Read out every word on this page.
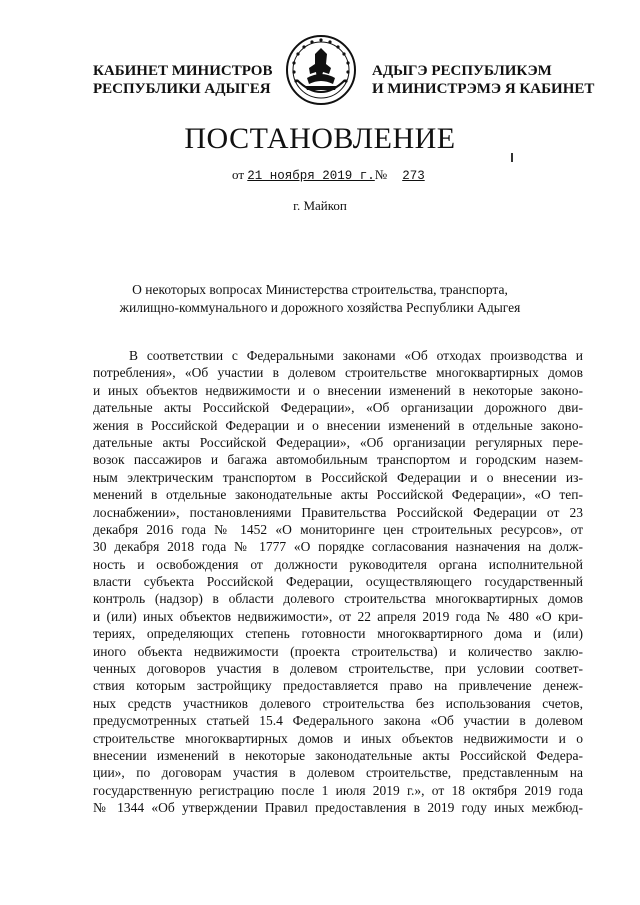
КАБИНЕТ МИНИСТРОВ
РЕСПУБЛИКИ АДЫГЕЯ
АДЫГЭ РЕСПУБЛИКЭМ
И МИНИСТРЭМЭ Я КАБИНЕТ
ПОСТАНОВЛЕНИЕ
от 21 ноября 2019 г.№ 273
г. Майкоп
О некоторых вопросах Министерства строительства, транспорта,
жилищно-коммунального и дорожного хозяйства Республики Адыгея
В соответствии с Федеральными законами «Об отходах производства и
потребления», «Об участии в долевом строительстве многоквартирных домов
и иных объектов недвижимости и о внесении изменений в некоторые законо-
дательные акты Российской Федерации», «Об организации дорожного дви-
жения в Российской Федерации и о внесении изменений в отдельные законо-
дательные акты Российской Федерации», «Об организации регулярных пере-
возок пассажиров и багажа автомобильным транспортом и городским назем-
ным электрическим транспортом в Российской Федерации и о внесении из-
менений в отдельные законодательные акты Российской Федерации», «О теп-
лоснабжении», постановлениями Правительства Российской Федерации от 23
декабря 2016 года № 1452 «О мониторинге цен строительных ресурсов», от
30 декабря 2018 года № 1777 «О порядке согласования назначения на долж-
ность и освобождения от должности руководителя органа исполнительной
власти субъекта Российской Федерации, осуществляющего государственный
контроль (надзор) в области долевого строительства многоквартирных домов
и (или) иных объектов недвижимости», от 22 апреля 2019 года № 480 «О кри-
териях, определяющих степень готовности многоквартирного дома и (или)
иного объекта недвижимости (проекта строительства) и количество заклю-
ченных договоров участия в долевом строительстве, при условии соответ-
ствия которым застройщику предоставляется право на привлечение денеж-
ных средств участников долевого строительства без использования счетов,
предусмотренных статьей 15.4 Федерального закона «Об участии в долевом
строительстве многоквартирных домов и иных объектов недвижимости и о
внесении изменений в некоторые законодательные акты Российской Федера-
ции», по договорам участия в долевом строительстве, представленным на
государственную регистрацию после 1 июля 2019 г.», от 18 октября 2019 года
№ 1344 «Об утверждении Правил предоставления в 2019 году иных межбюд-
